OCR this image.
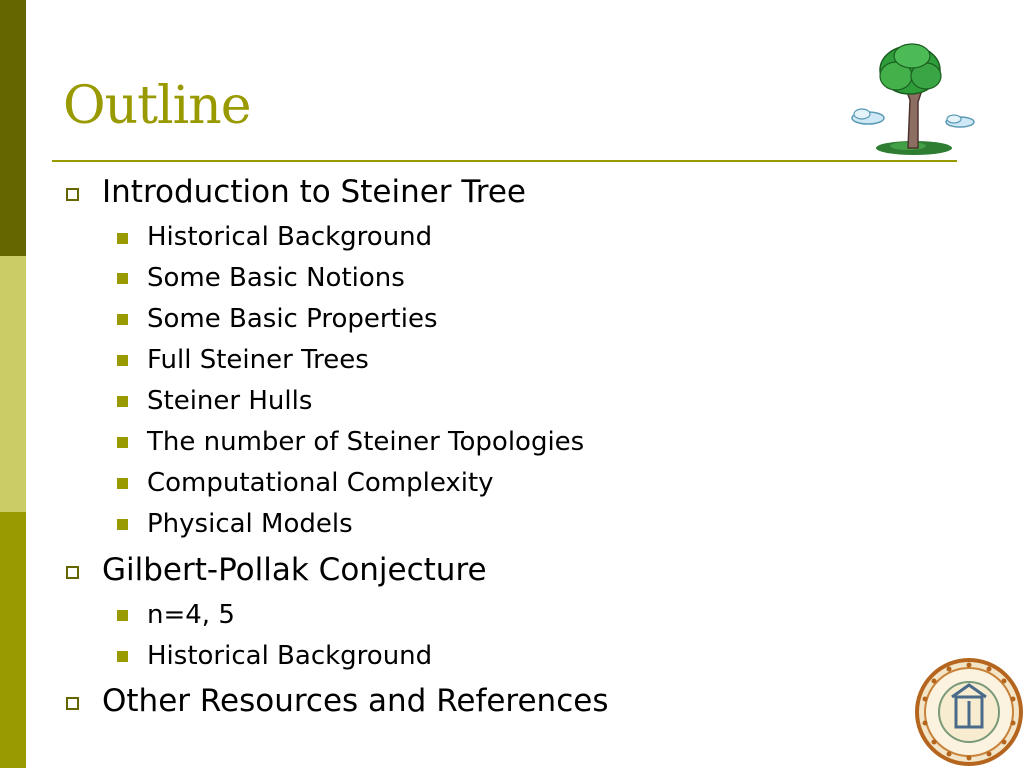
Outline
Introduction to Steiner Tree
Historical Background
Some Basic Notions
Some Basic Properties
Full Steiner Trees
Steiner Hulls
The number of Steiner Topologies
Computational Complexity
Physical Models
Gilbert-Pollak Conjecture
n=4, 5
Historical Background
Other Resources and References
